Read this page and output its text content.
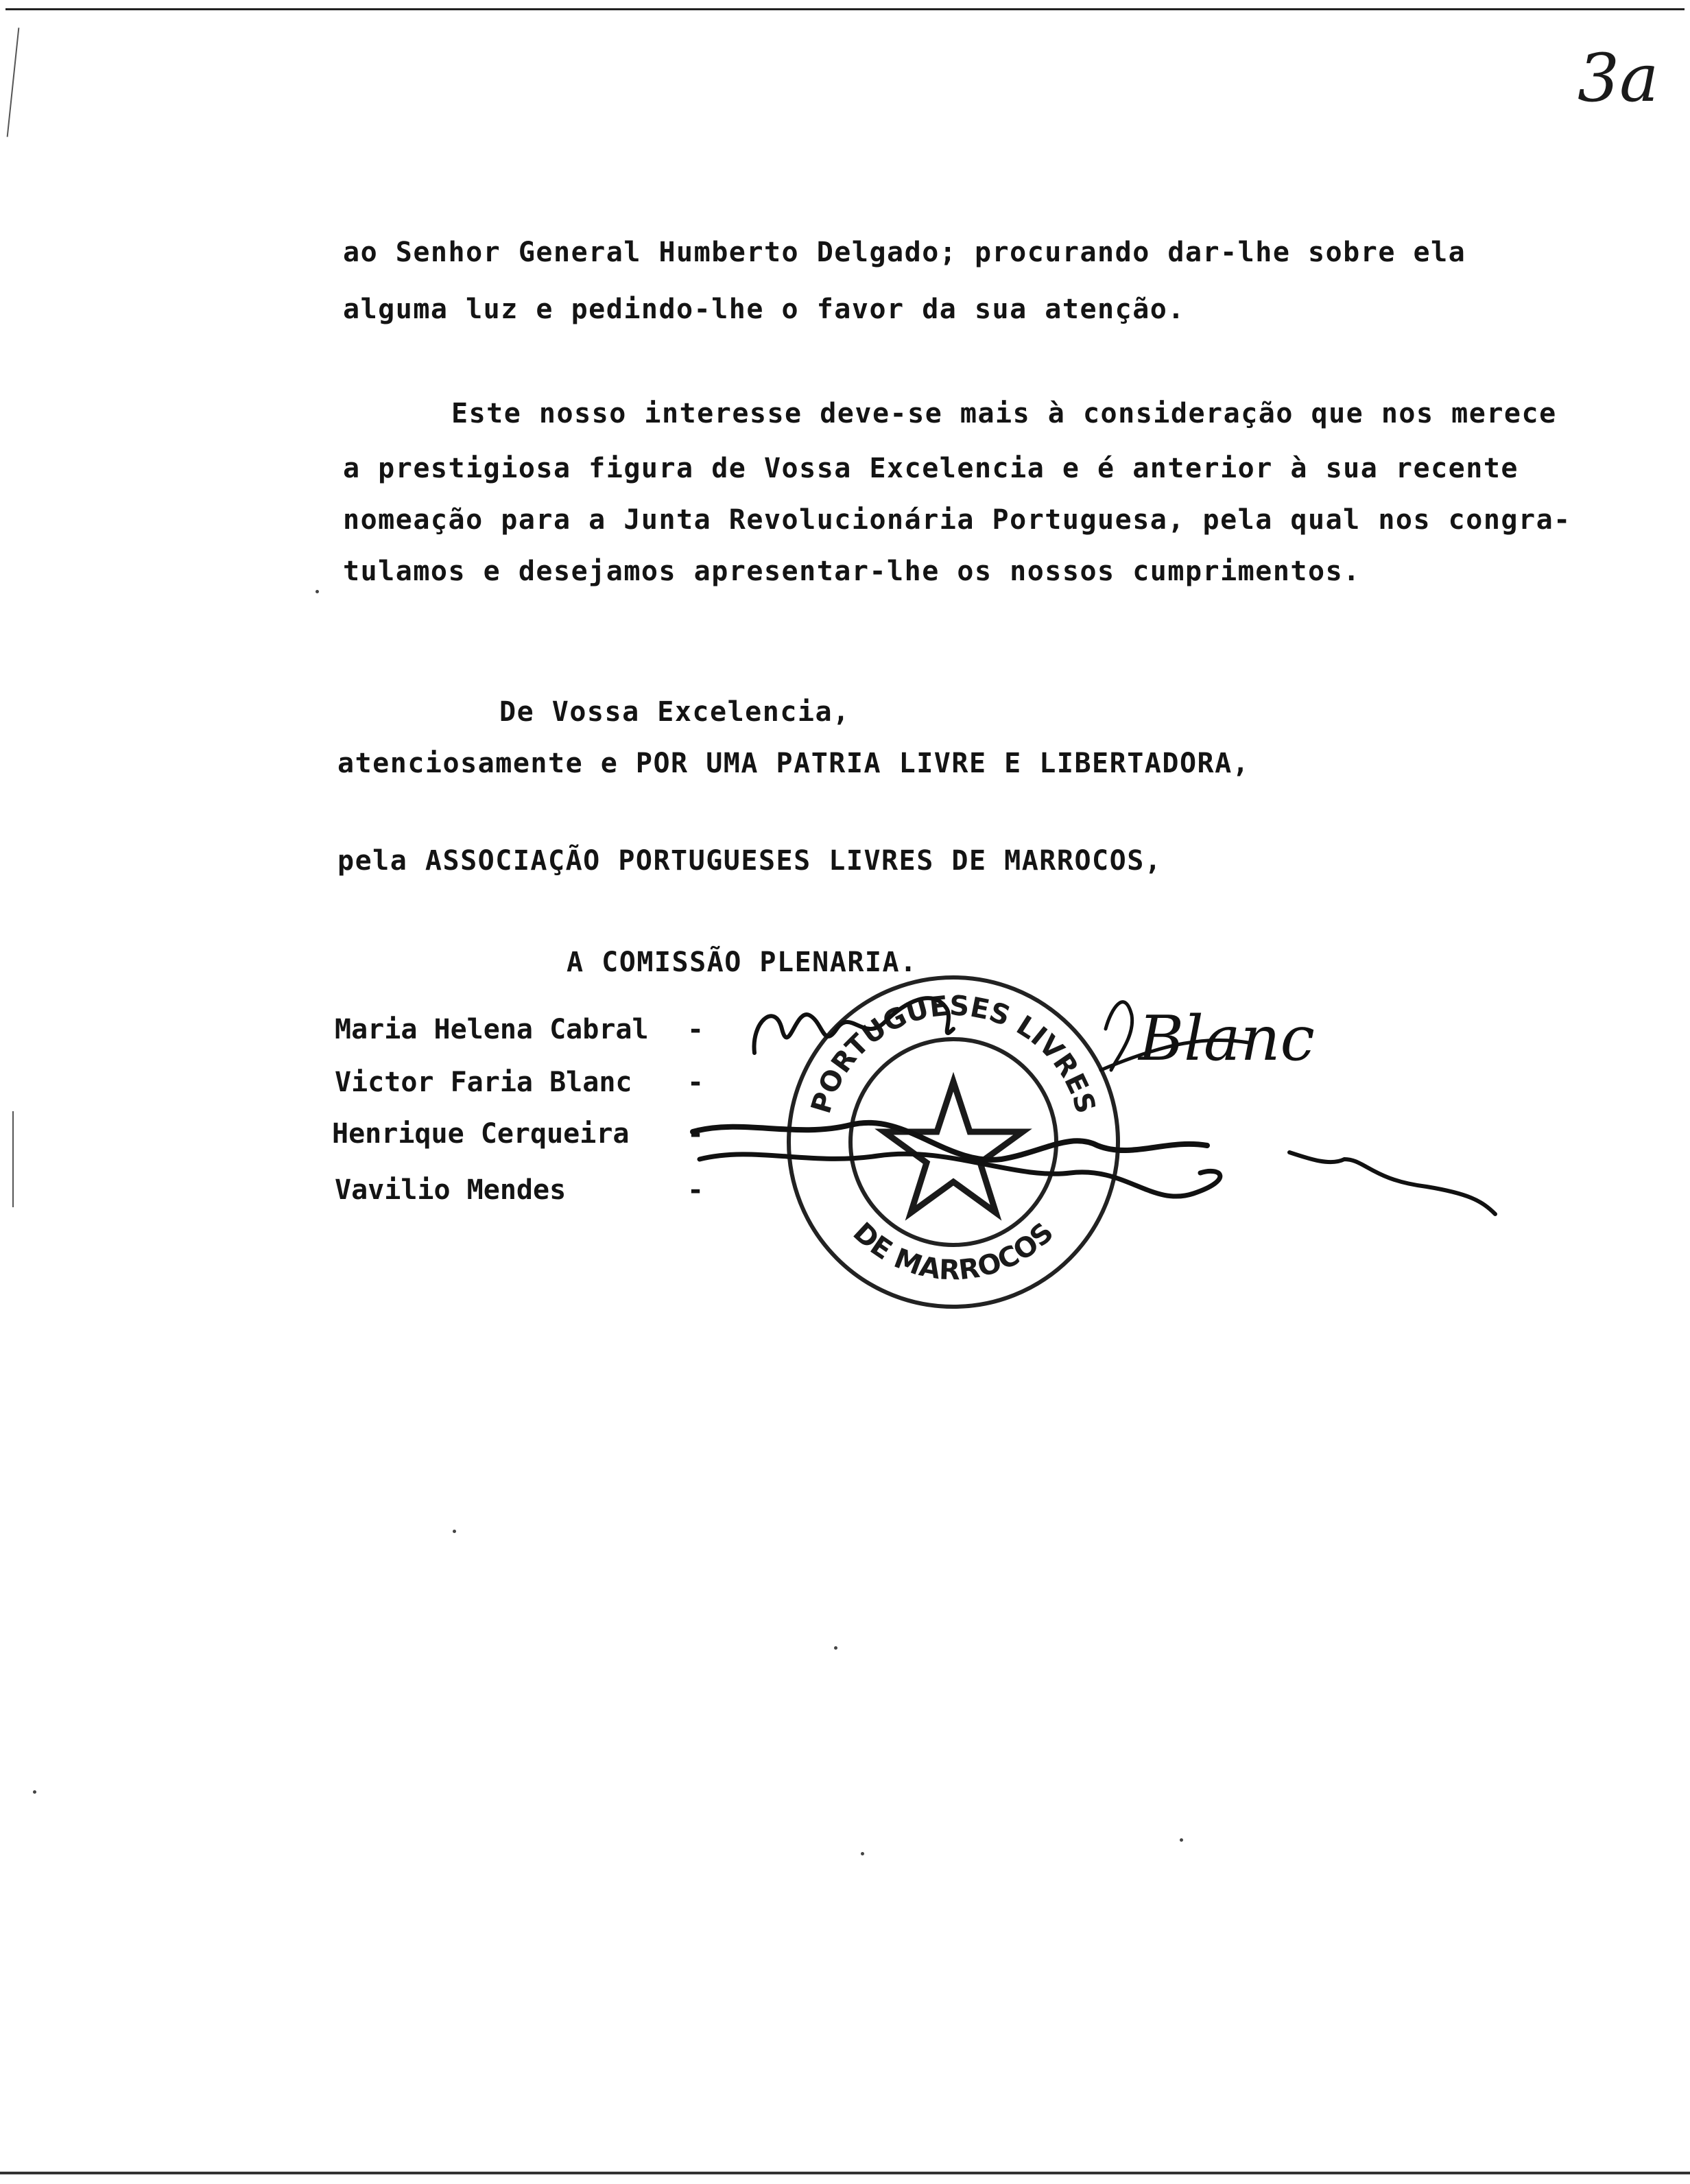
3a
ao Senhor General Humberto Delgado; procurando dar-lhe sobre ela
alguma luz e pedindo-lhe o favor da sua atenção.
Este nosso interesse deve-se mais à consideração que nos merece
a prestigiosa figura de Vossa Excelencia e é anterior à sua recente
nomeação para a Junta Revolucionária Portuguesa, pela qual nos congra-
tulamos e desejamos apresentar-lhe os nossos cumprimentos.
De Vossa Excelencia,
atenciosamente e POR UMA PATRIA LIVRE E LIBERTADORA,
pela ASSOCIAÇÃO PORTUGUESES LIVRES DE MARROCOS,
A COMISSÃO PLENARIA.
Maria Helena Cabral -
Victor Faria Blanc -
Henrique Cerqueira -
Vavilio Mendes	-
PORTUGUESES LIVRES
DE MARROCOS
Blanc
